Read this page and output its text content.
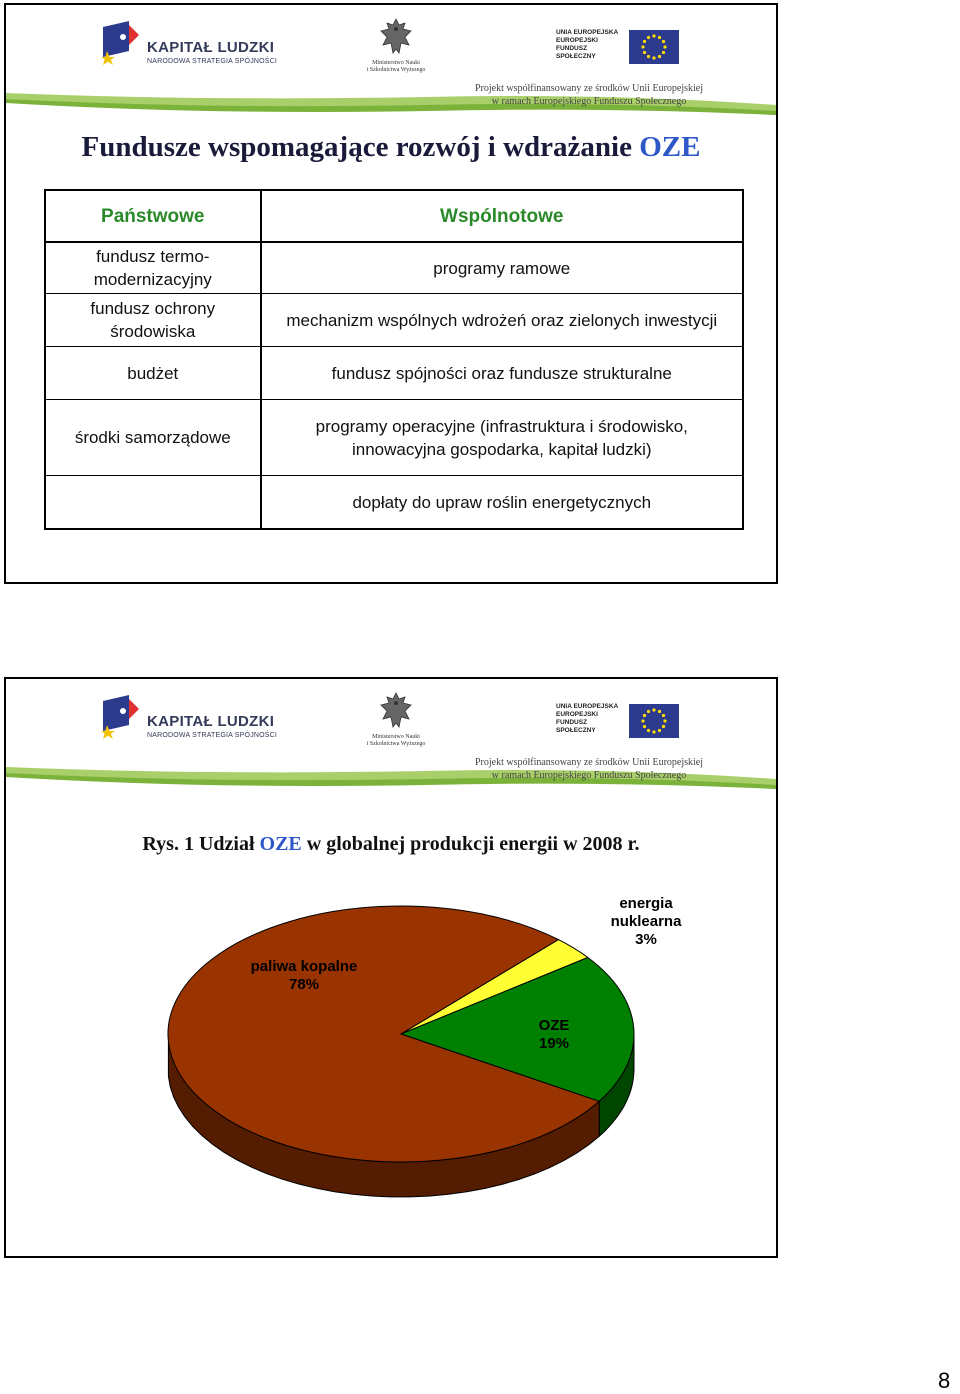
KAPITAŁ LUDZKI
NARODOWA STRATEGIA SPÓJNOŚCI	Ministerstwo Nauki
i Szkolnictwa Wyższego
UNIA EUROPEJSKA
EUROPEJSKI
FUNDUSZ SPOŁECZNY
Projekt współfinansowany ze środków Unii Europejskiej
w ramach Europejskiego Funduszu Społecznego
Fundusze wspomagające rozwój i wdrażanie OZE
Państwowe	Wspólnotowe
fundusz termo-modernizacyjny	programy ramowe
fundusz ochrony środowiska	mechanizm wspólnych wdrożeń oraz zielonych inwestycji
budżet	fundusz spójności oraz fundusze strukturalne
środki samorządowe	programy operacyjne (infrastruktura i środowisko, innowacyjna gospodarka, kapitał ludzki)
	dopłaty do upraw roślin energetycznych
KAPITAŁ LUDZKI
NARODOWA STRATEGIA SPÓJNOŚCI	Ministerstwo Nauki
i Szkolnictwa Wyższego
UNIA EUROPEJSKA
EUROPEJSKI
FUNDUSZ SPOŁECZNY
Projekt współfinansowany ze środków Unii Europejskiej
w ramach Europejskiego Funduszu Społecznego
Rys. 1 Udział OZE w globalnej produkcji energii w 2008 r.
paliwa kopalne
78%
energia
nuklearna
3%
OZE
19%
8
